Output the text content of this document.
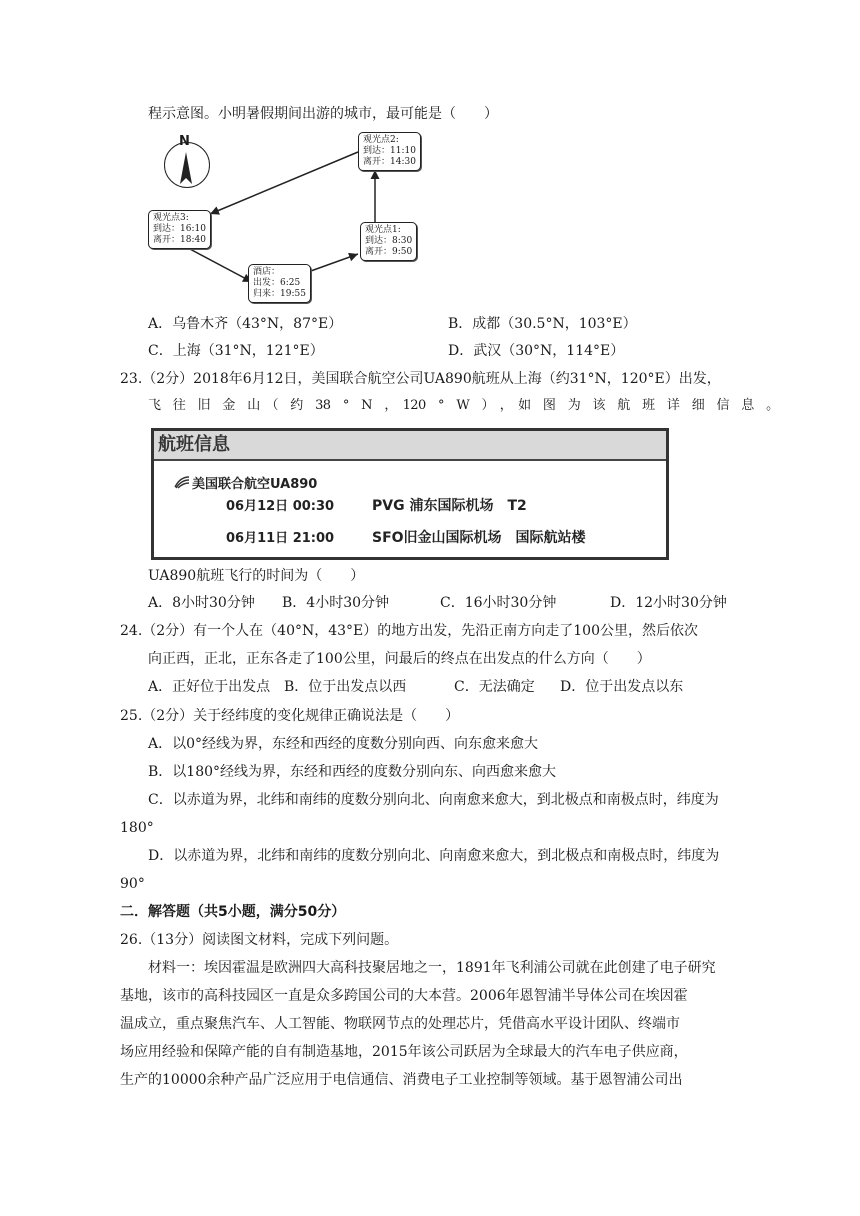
程示意图。小明暑假期间出游的城市，最可能是（　　）
N	观光点2:
到达：11:10
离开：14:30
观光点3:
到达：16:10
离开：18:40
观光点1:
到达：8:30
离开：9:50
酒店：
出发：6:25
归来：19:55
A．乌鲁木齐（43°N，87°E）	B．成都（30.5°N，103°E）
C．上海（31°N，121°E）	D．武汉（30°N，114°E）
23.（2分）2018年6月12日，美国联合航空公司UA890航班从上海（约31°N，120°E）出发，
飞　往　旧　金　山　（　约　38　°　N　，　120　°　W　）　，　如　图　为　该　航　班　详　细　信　息　。
航班信息
美国联合航空UA890
06月12日 00:30	PVG 浦东国际机场　T2
06月11日 21:00	SFO旧金山国际机场　国际航站楼
UA890航班飞行的时间为（　　）
A．8小时30分钟 B．4小时30分钟	C．16小时30分钟	D．12小时30分钟
24.（2分）有一个人在（40°N，43°E）的地方出发，先沿正南方向走了100公里，然后依次
向正西，正北，正东各走了100公里，问最后的终点在出发点的什么方向（　　）
A．正好位于出发点 B．位于出发点以西	C．无法确定 D．位于出发点以东
25.（2分）关于经纬度的变化规律正确说法是（　　）
A．以0°经线为界，东经和西经的度数分别向西、向东愈来愈大
B．以180°经线为界，东经和西经的度数分别向东、向西愈来愈大
C．以赤道为界，北纬和南纬的度数分别向北、向南愈来愈大，到北极点和南极点时，纬度为
180°
D．以赤道为界，北纬和南纬的度数分别向北、向南愈来愈大，到北极点和南极点时，纬度为
90°
二．解答题（共5小题，满分50分）
26.（13分）阅读图文材料，完成下列问题。
材料一：埃因霍温是欧洲四大高科技聚居地之一，1891年飞利浦公司就在此创建了电子研究
基地，该市的高科技园区一直是众多跨国公司的大本营。2006年恩智浦半导体公司在埃因霍
温成立，重点聚焦汽车、人工智能、物联网节点的处理芯片，凭借高水平设计团队、终端市
场应用经验和保障产能的自有制造基地，2015年该公司跃居为全球最大的汽车电子供应商，
生产的10000余种产品广泛应用于电信通信、消费电子工业控制等领域。基于恩智浦公司出
